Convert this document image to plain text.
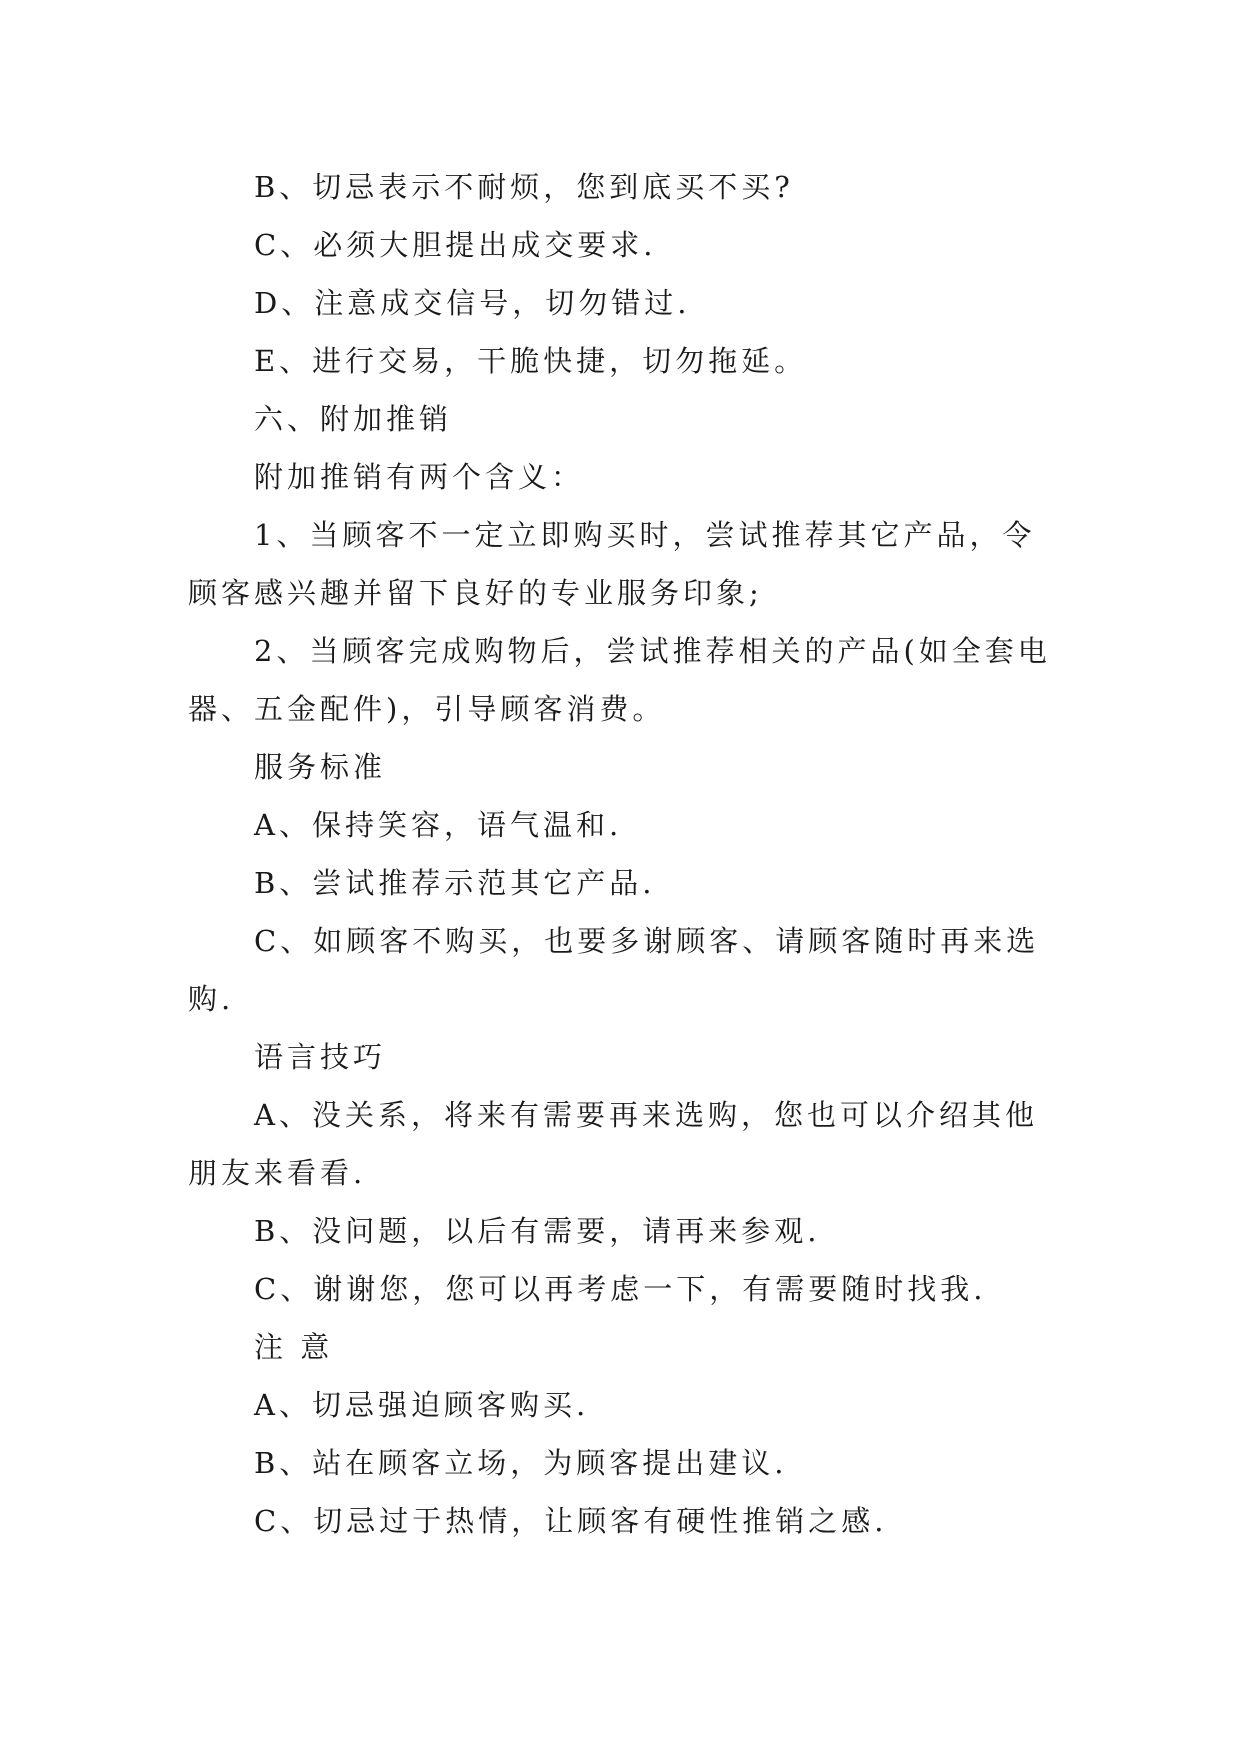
B、切忌表示不耐烦，您到底买不买?

C、必须大胆提出成交要求.

D、注意成交信号，切勿错过.

E、进行交易，干脆快捷，切勿拖延。

六、附加推销

附加推销有两个含义：

1、当顾客不一定立即购买时，尝试推荐其它产品，令顾客感兴趣并留下良好的专业服务印象;

2、当顾客完成购物后，尝试推荐相关的产品(如全套电器、五金配件)，引导顾客消费。

服务标准

A、保持笑容，语气温和.

B、尝试推荐示范其它产品.

C、如顾客不购买，也要多谢顾客、请顾客随时再来选购.

语言技巧

A、没关系，将来有需要再来选购，您也可以介绍其他朋友来看看.

B、没问题，以后有需要，请再来参观.

C、谢谢您，您可以再考虑一下，有需要随时找我.

注 意

A、切忌强迫顾客购买.

B、站在顾客立场，为顾客提出建议.

C、切忌过于热情，让顾客有硬性推销之感.
